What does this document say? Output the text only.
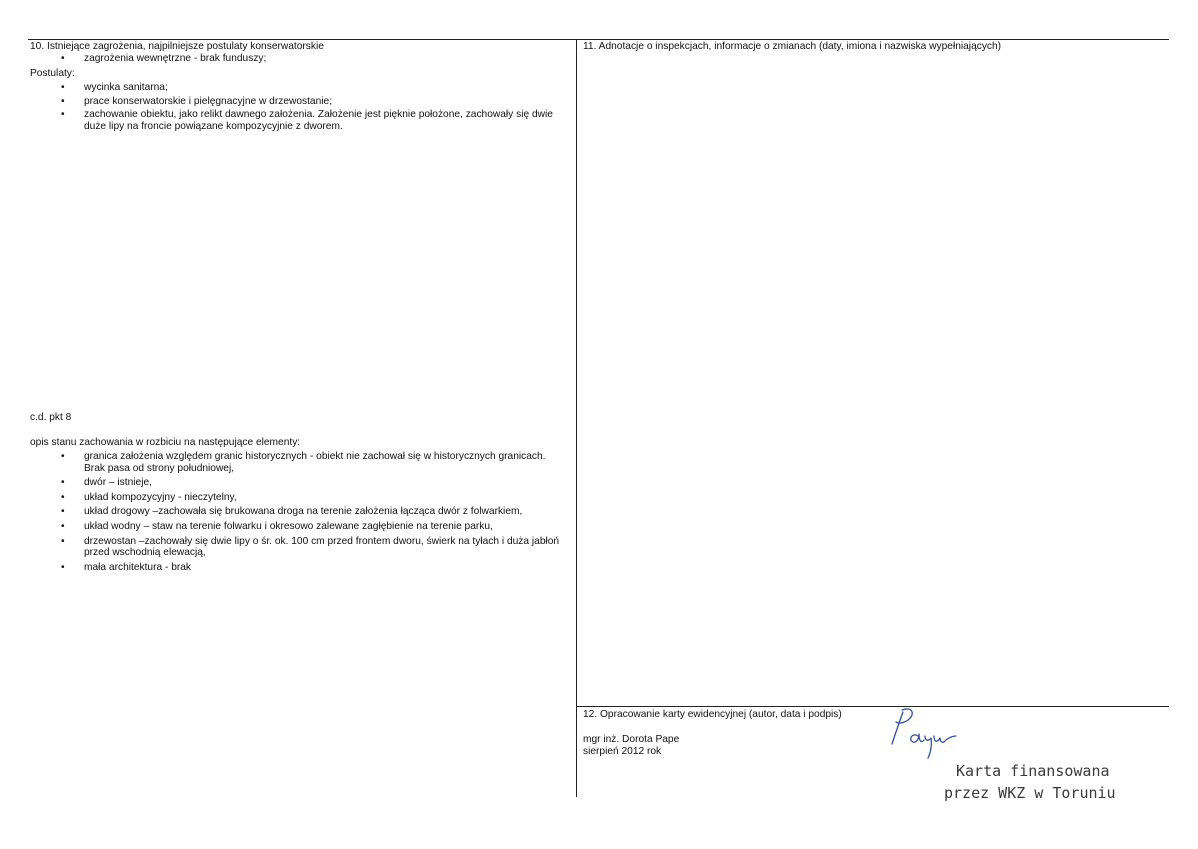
10. Istniejące zagrożenia, najpilniejsze postulaty konserwatorskie
• zagrożenia wewnętrzne - brak funduszy;
Postulaty:
• wycinka sanitarna;
• prace konserwatorskie i pielęgnacyjne w drzewostanie;
• zachowanie obiektu, jako relikt dawnego założenia. Założenie jest pięknie położone, zachowały się dwie duże lipy na froncie powiązane kompozycyjnie z dworem.
c.d. pkt 8
opis stanu zachowania w rozbiciu na następujące elementy:
• granica założenia względem granic historycznych - obiekt nie zachował się w historycznych granicach. Brak pasa od strony południowej,
• dwór – istnieje,
• układ kompozycyjny - nieczytelny,
• układ drogowy –zachowała się brukowana droga na terenie założenia łącząca dwór z folwarkiem,
• układ wodny – staw na terenie folwarku i okresowo zalewane zagłębienie na terenie parku,
• drzewostan –zachowały się dwie lipy o śr. ok. 100 cm przed frontem dworu, świerk na tyłach i duża jabłoń przed wschodnią elewacją,
• mała architektura - brak
11. Adnotacje o inspekcjach, informacje o zmianach (daty, imiona i nazwiska wypełniających)
12. Opracowanie karty ewidencyjnej (autor, data i podpis)
mgr inż. Dorota Pape
sierpień 2012 rok
Karta finansowana
przez WKZ w Toruniu
